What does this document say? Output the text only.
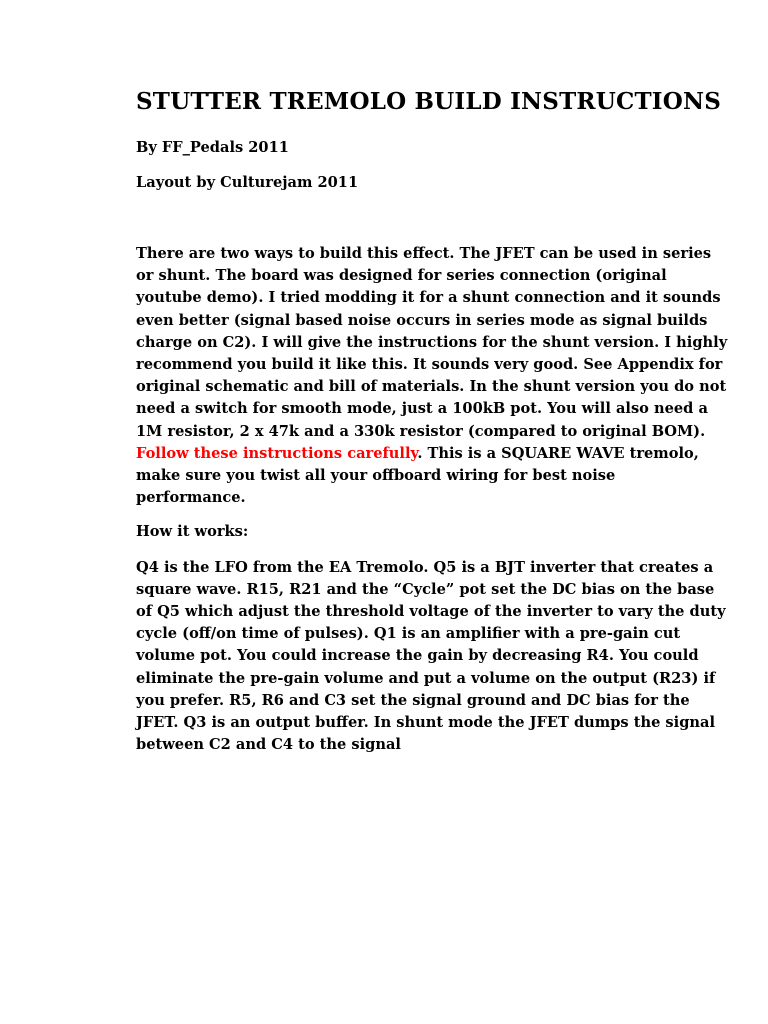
STUTTER TREMOLO BUILD INSTRUCTIONS

By FF_Pedals 2011

Layout by Culturejam 2011

There are two ways to build this effect. The JFET can be used in series or shunt. The board was designed for series connection (original youtube demo). I tried modding it for a shunt connection and it sounds even better (signal based noise occurs in series mode as signal builds charge on C2). I will give the instructions for the shunt version. I highly recommend you build it like this. It sounds very good. See Appendix for original schematic and bill of materials. In the shunt version you do not need a switch for smooth mode, just a 100kB pot. You will also need a 1M resistor, 2 x 47k and a 330k resistor (compared to original BOM). Follow these instructions carefully. This is a SQUARE WAVE tremolo, make sure you twist all your offboard wiring for best noise performance.

How it works:

Q4 is the LFO from the EA Tremolo. Q5 is a BJT inverter that creates a square wave. R15, R21 and the “Cycle” pot set the DC bias on the base of Q5 which adjust the threshold voltage of the inverter to vary the duty cycle (off/on time of pulses). Q1 is an amplifier with a pre-gain cut volume pot. You could increase the gain by decreasing R4. You could eliminate the pre-gain volume and put a volume on the output (R23) if you prefer. R5, R6 and C3 set the signal ground and DC bias for the JFET. Q3 is an output buffer. In shunt mode the JFET dumps the signal between C2 and C4 to the signal
